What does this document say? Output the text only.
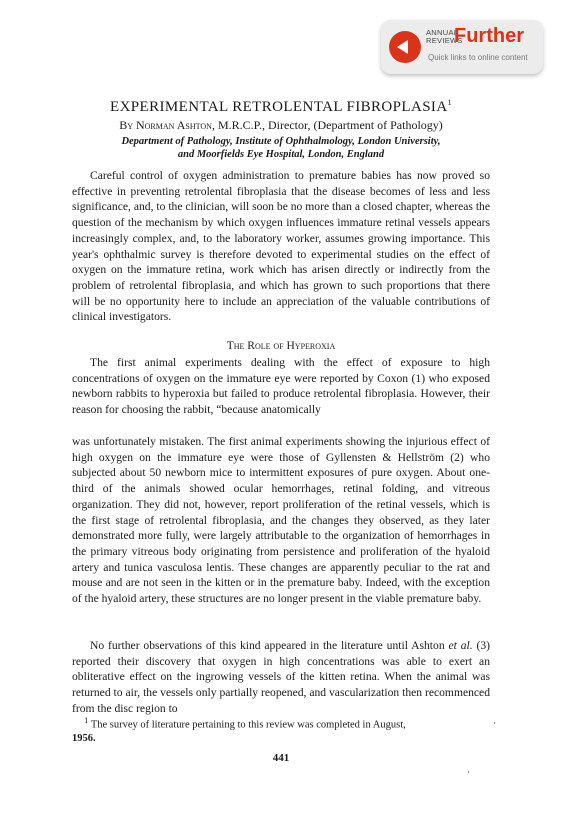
ANNUAL
REVIEWS
Further
Quick links to online content
EXPERIMENTAL RETROLENTAL FIBROPLASIA$^1$
By Norman Ashton, M.R.C.P., Director, (Department of Pathology)
Department of Pathology, Institute of Ophthalmology, London University,
and Moorfields Eye Hospital, London, England

Careful control of oxygen administration to premature babies has now proved so effective in preventing retrolental fibroplasia that the disease becomes of less and less significance, and, to the clinician, will soon be no more than a closed chapter, whereas the question of the mechanism by which oxygen influences immature retinal vessels appears increasingly complex, and, to the laboratory worker, assumes growing importance. This year's ophthalmic survey is therefore devoted to experimental studies on the effect of oxygen on the immature retina, work which has arisen directly or indirectly from the problem of retrolental fibroplasia, and which has grown to such proportions that there will be no opportunity here to include an appreciation of the valuable contributions of clinical investigators.

The Role of Hyperoxia

The first animal experiments dealing with the effect of exposure to high concentrations of oxygen on the immature eye were reported by Coxon (1) who exposed newborn rabbits to hyperoxia but failed to produce retrolental fibroplasia. However, their reason for choosing the rabbit, “because anatomically

was unfortunately mistaken. The first animal experiments showing the injurious effect of high oxygen on the immature eye were those of Gyllensten & Hellström (2) who subjected about 50 newborn mice to intermittent exposures of pure oxygen. About one-third of the animals showed ocular hemorrhages, retinal folding, and vitreous organization. They did not, however, report proliferation of the retinal vessels, which is the first stage of retrolental fibroplasia, and the changes they observed, as they later demonstrated more fully, were largely attributable to the organization of hemorrhages in the primary vitreous body originating from persistence and proliferation of the hyaloid artery and tunica vasculosa lentis. These changes are apparently peculiar to the rat and mouse and are not seen in the kitten or in the premature baby. Indeed, with the exception of the hyaloid artery, these structures are no longer present in the viable premature baby.

No further observations of this kind appeared in the literature until Ashton et al. (3) reported their discovery that oxygen in high concentrations was able to exert an obliterative effect on the ingrowing vessels of the kitten retina. When the animal was returned to air, the vessels only partially reopened, and vascularization then recommenced from the disc region to

$^1$ The survey of literature pertaining to this review was completed in August,
1956.
441
